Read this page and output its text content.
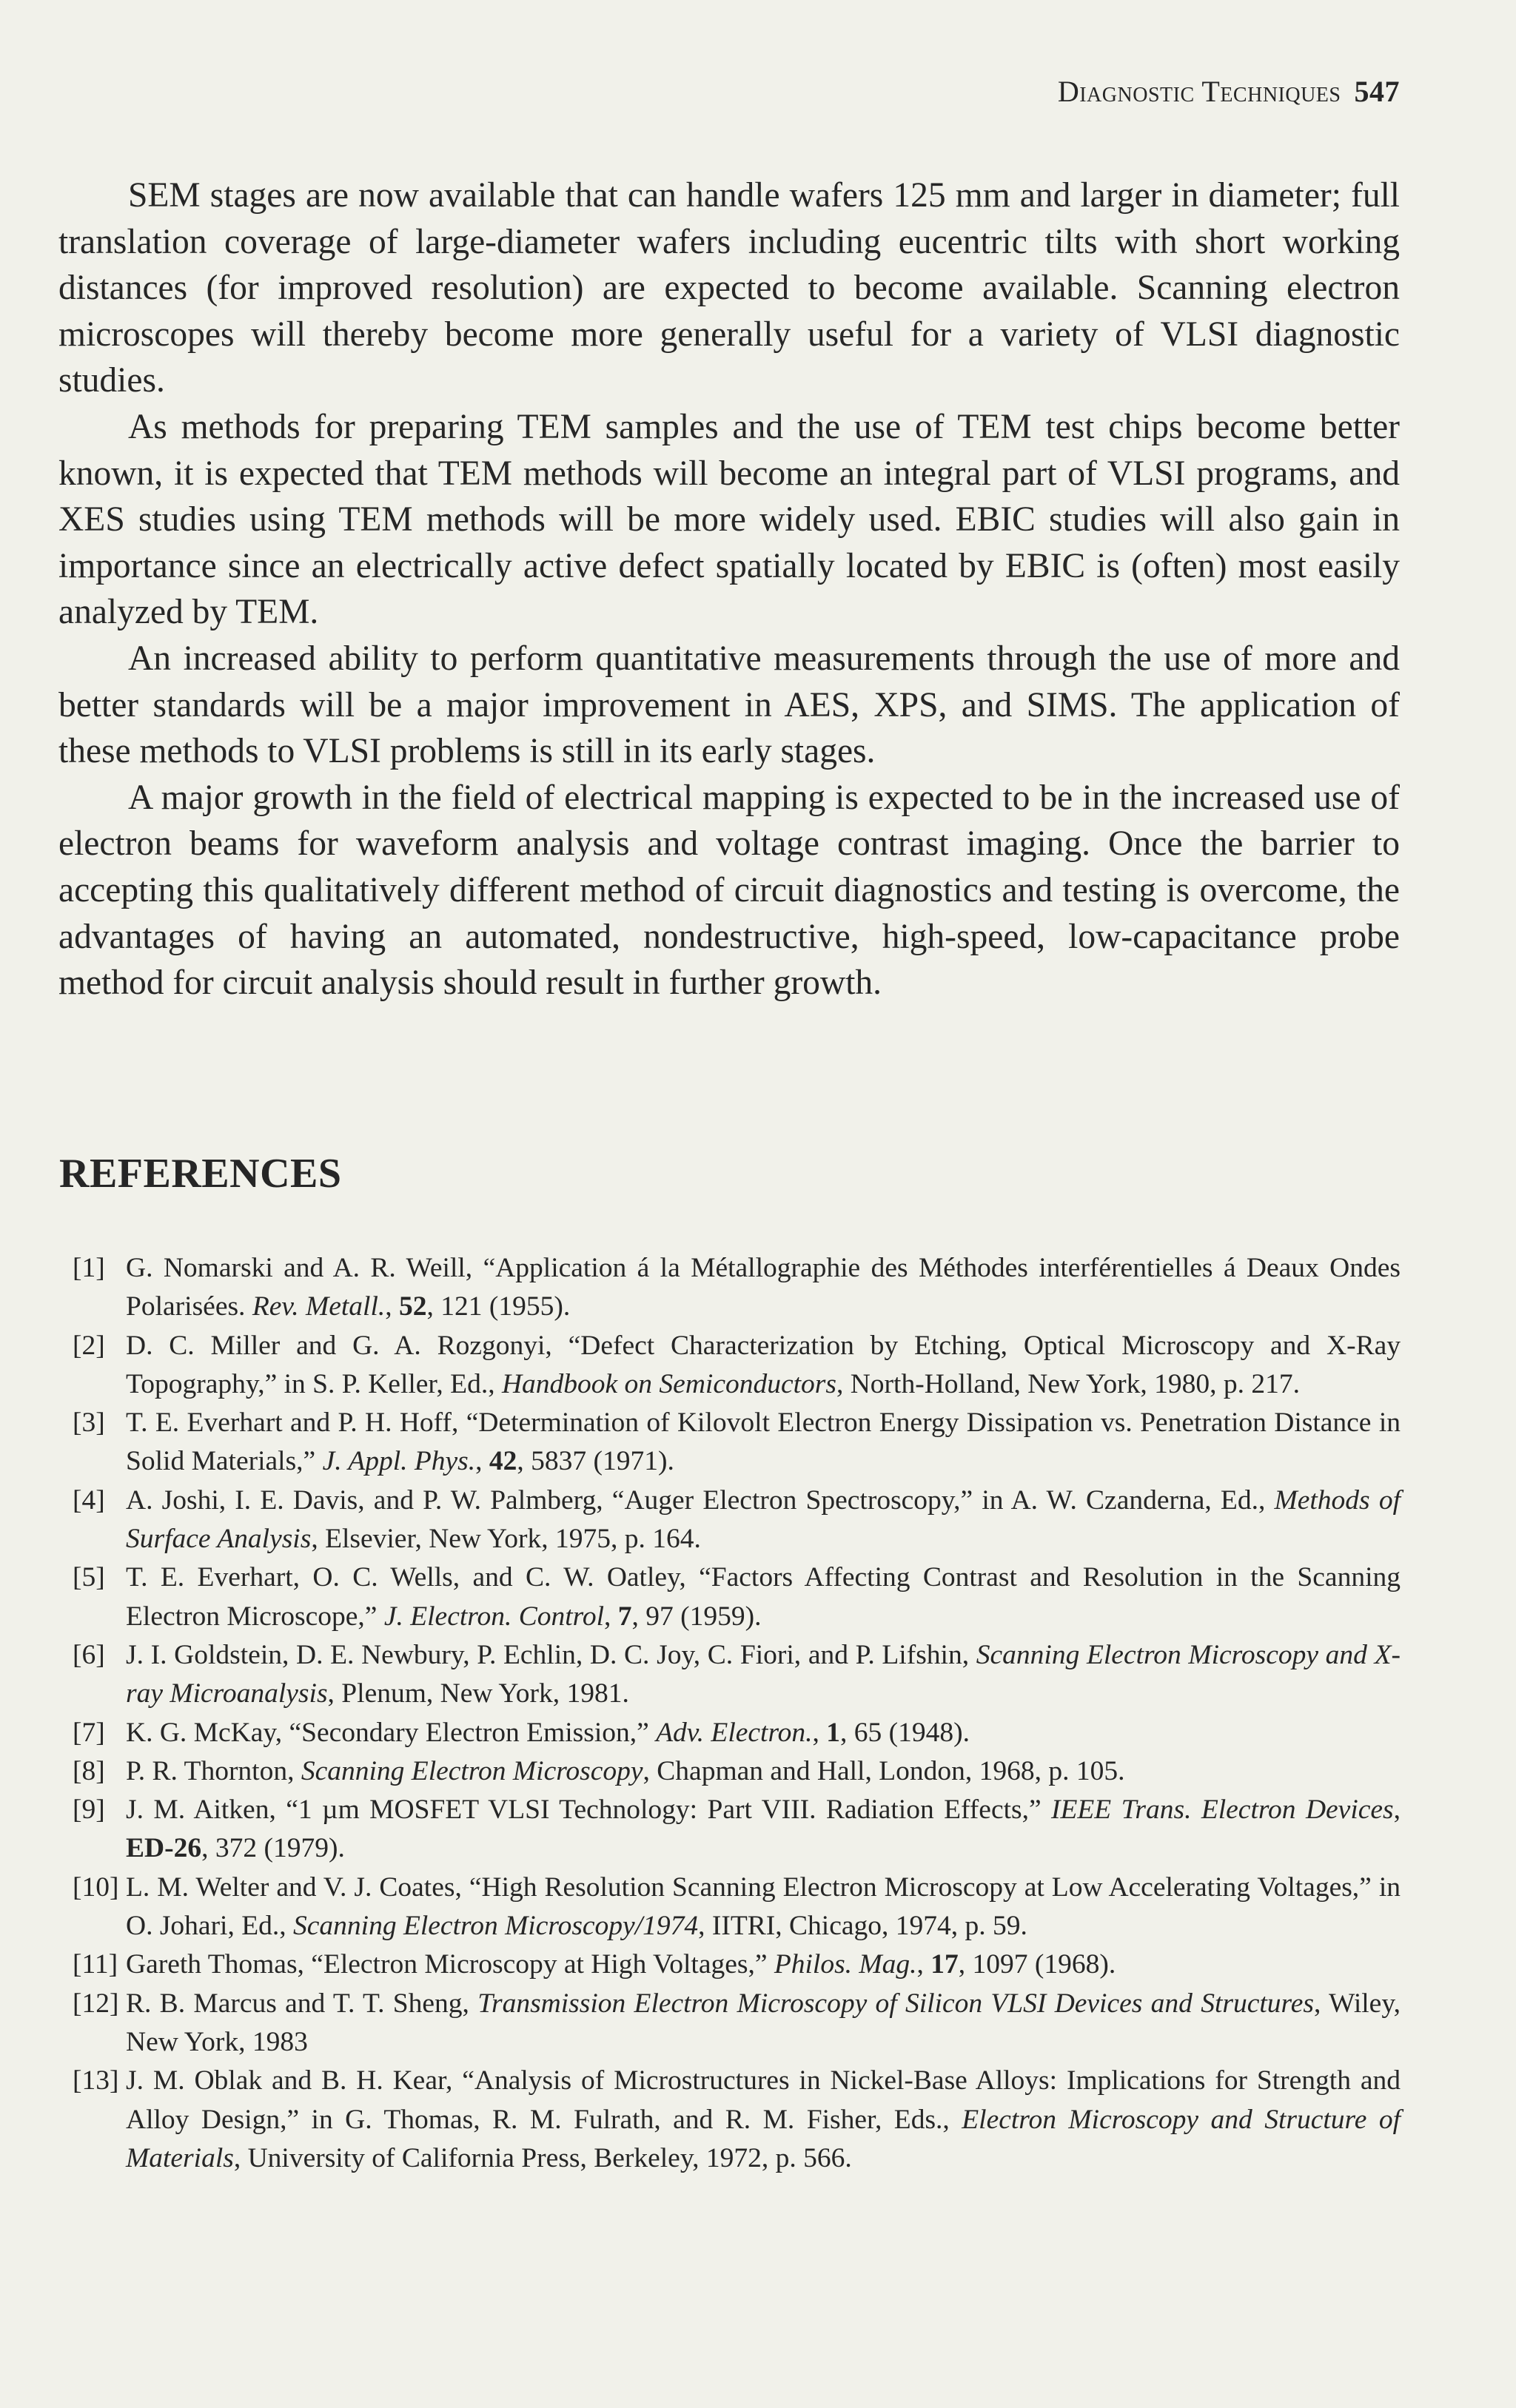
Diagnostic Techniques 547

SEM stages are now available that can handle wafers 125 mm and larger in diameter; full translation coverage of large-diameter wafers including eucentric tilts with short working distances (for improved resolution) are expected to become available. Scanning electron microscopes will thereby become more generally useful for a variety of VLSI diagnostic studies.

As methods for preparing TEM samples and the use of TEM test chips become better known, it is expected that TEM methods will become an integral part of VLSI programs, and XES studies using TEM methods will be more widely used. EBIC studies will also gain in importance since an electrically active defect spatially located by EBIC is (often) most easily analyzed by TEM.

An increased ability to perform quantitative measurements through the use of more and better standards will be a major improvement in AES, XPS, and SIMS. The application of these methods to VLSI problems is still in its early stages.

A major growth in the field of electrical mapping is expected to be in the increased use of electron beams for waveform analysis and voltage contrast imaging. Once the barrier to accepting this qualitatively different method of circuit diagnostics and testing is overcome, the advantages of having an automated, nondestructive, high-speed, low-capacitance probe method for circuit analysis should result in further growth.

REFERENCES
[1] G. Nomarski and A. R. Weill, “Application á la Métallographie des Méthodes interférentielles á Deaux Ondes Polarisées. Rev. Metall., 52, 121 (1955).
[2] D. C. Miller and G. A. Rozgonyi, “Defect Characterization by Etching, Optical Microscopy and X-Ray Topography,” in S. P. Keller, Ed., Handbook on Semiconductors, North-Holland, New York, 1980, p. 217.
[3] T. E. Everhart and P. H. Hoff, “Determination of Kilovolt Electron Energy Dissipation vs. Penetration Distance in Solid Materials,” J. Appl. Phys., 42, 5837 (1971).
[4] A. Joshi, I. E. Davis, and P. W. Palmberg, “Auger Electron Spectroscopy,” in A. W. Czanderna, Ed., Methods of Surface Analysis, Elsevier, New York, 1975, p. 164.
[5] T. E. Everhart, O. C. Wells, and C. W. Oatley, “Factors Affecting Contrast and Resolution in the Scanning Electron Microscope,” J. Electron. Control, 7, 97 (1959).
[6] J. I. Goldstein, D. E. Newbury, P. Echlin, D. C. Joy, C. Fiori, and P. Lifshin, Scanning Electron Microscopy and X-ray Microanalysis, Plenum, New York, 1981.
[7] K. G. McKay, “Secondary Electron Emission,” Adv. Electron., 1, 65 (1948).
[8] P. R. Thornton, Scanning Electron Microscopy, Chapman and Hall, London, 1968, p. 105.
[9] J. M. Aitken, “1 µm MOSFET VLSI Technology: Part VIII. Radiation Effects,” IEEE Trans. Electron Devices, ED-26, 372 (1979).
[10] L. M. Welter and V. J. Coates, “High Resolution Scanning Electron Microscopy at Low Accelerating Voltages,” in O. Johari, Ed., Scanning Electron Microscopy/1974, IITRI, Chicago, 1974, p. 59.
[11] Gareth Thomas, “Electron Microscopy at High Voltages,” Philos. Mag., 17, 1097 (1968).
[12] R. B. Marcus and T. T. Sheng, Transmission Electron Microscopy of Silicon VLSI Devices and Structures, Wiley, New York, 1983
[13] J. M. Oblak and B. H. Kear, “Analysis of Microstructures in Nickel-Base Alloys: Implications for Strength and Alloy Design,” in G. Thomas, R. M. Fulrath, and R. M. Fisher, Eds., Electron Microscopy and Structure of Materials, University of California Press, Berkeley, 1972, p. 566.
